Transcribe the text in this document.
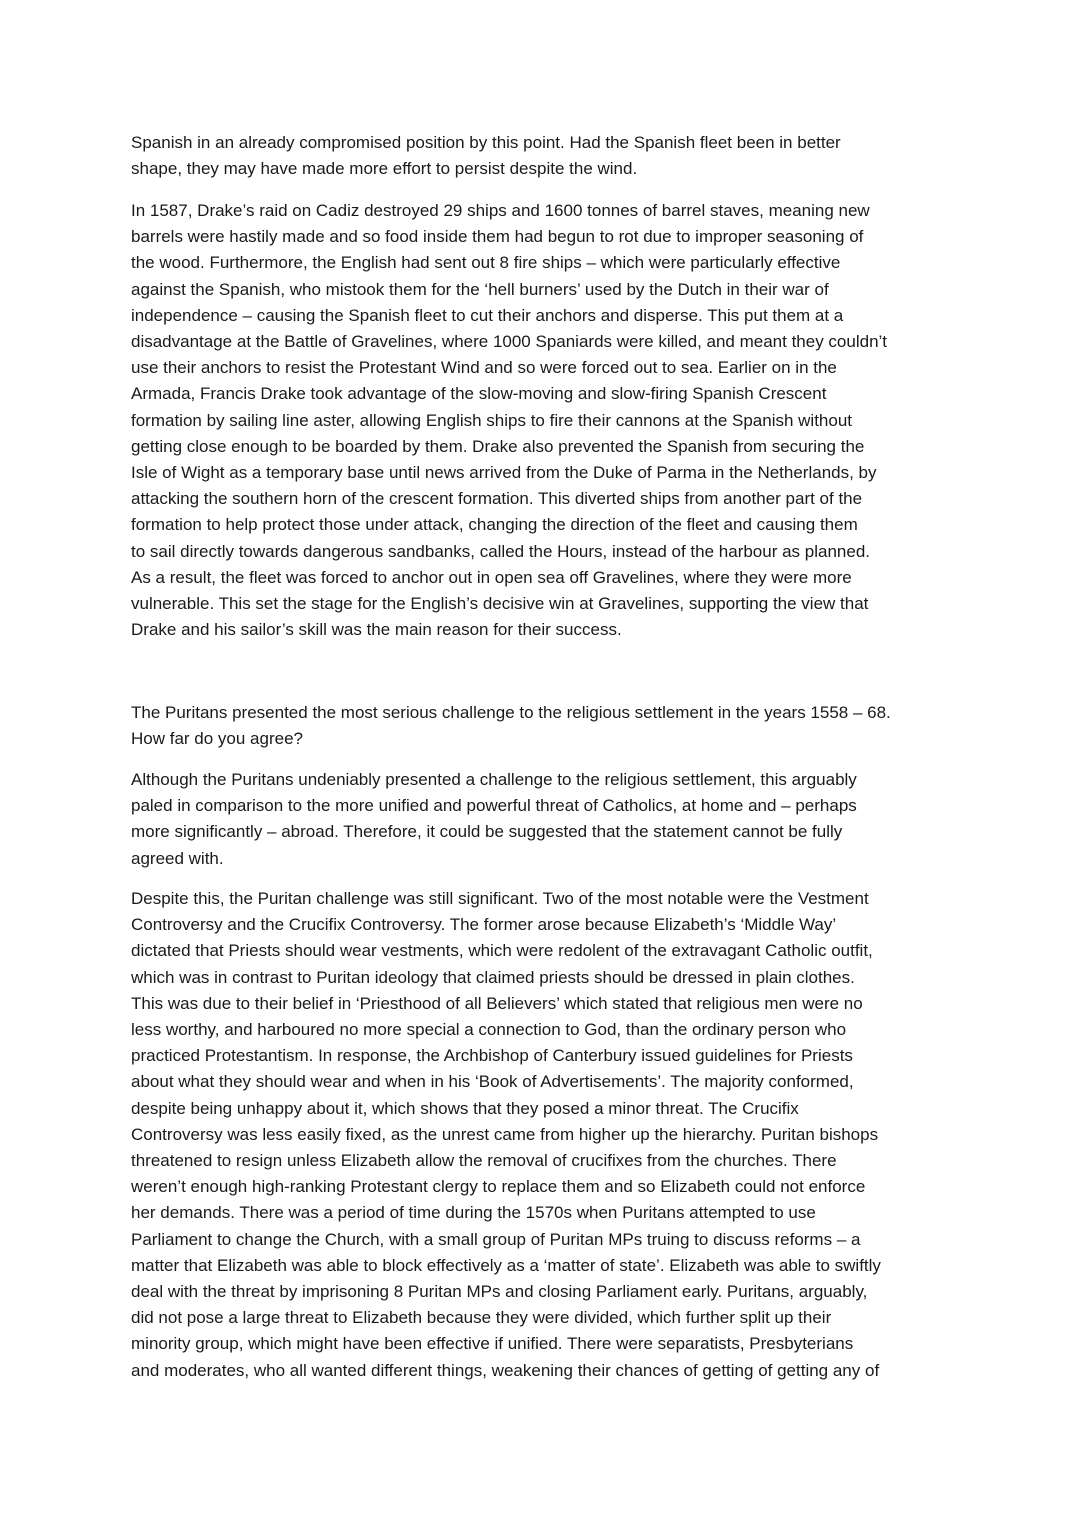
Spanish in an already compromised position by this point. Had the Spanish fleet been in better
shape, they may have made more effort to persist despite the wind.
In 1587, Drake’s raid on Cadiz destroyed 29 ships and 1600 tonnes of barrel staves, meaning new
barrels were hastily made and so food inside them had begun to rot due to improper seasoning of
the wood. Furthermore, the English had sent out 8 fire ships – which were particularly effective
against the Spanish, who mistook them for the ‘hell burners’ used by the Dutch in their war of
independence – causing the Spanish fleet to cut their anchors and disperse. This put them at a
disadvantage at the Battle of Gravelines, where 1000 Spaniards were killed, and meant they couldn’t
use their anchors to resist the Protestant Wind and so were forced out to sea. Earlier on in the
Armada, Francis Drake took advantage of the slow-moving and slow-firing Spanish Crescent
formation by sailing line aster, allowing English ships to fire their cannons at the Spanish without
getting close enough to be boarded by them. Drake also prevented the Spanish from securing the
Isle of Wight as a temporary base until news arrived from the Duke of Parma in the Netherlands, by
attacking the southern horn of the crescent formation. This diverted ships from another part of the
formation to help protect those under attack, changing the direction of the fleet and causing them
to sail directly towards dangerous sandbanks, called the Hours, instead of the harbour as planned.
As a result, the fleet was forced to anchor out in open sea off Gravelines, where they were more
vulnerable. This set the stage for the English’s decisive win at Gravelines, supporting the view that
Drake and his sailor’s skill was the main reason for their success.
The Puritans presented the most serious challenge to the religious settlement in the years 1558 – 68.
How far do you agree?
Although the Puritans undeniably presented a challenge to the religious settlement, this arguably
paled in comparison to the more unified and powerful threat of Catholics, at home and – perhaps
more significantly – abroad. Therefore, it could be suggested that the statement cannot be fully
agreed with.
Despite this, the Puritan challenge was still significant. Two of the most notable were the Vestment
Controversy and the Crucifix Controversy. The former arose because Elizabeth’s ‘Middle Way’
dictated that Priests should wear vestments, which were redolent of the extravagant Catholic outfit,
which was in contrast to Puritan ideology that claimed priests should be dressed in plain clothes.
This was due to their belief in ‘Priesthood of all Believers’ which stated that religious men were no
less worthy, and harboured no more special a connection to God, than the ordinary person who
practiced Protestantism. In response, the Archbishop of Canterbury issued guidelines for Priests
about what they should wear and when in his ‘Book of Advertisements’. The majority conformed,
despite being unhappy about it, which shows that they posed a minor threat. The Crucifix
Controversy was less easily fixed, as the unrest came from higher up the hierarchy. Puritan bishops
threatened to resign unless Elizabeth allow the removal of crucifixes from the churches. There
weren’t enough high-ranking Protestant clergy to replace them and so Elizabeth could not enforce
her demands. There was a period of time during the 1570s when Puritans attempted to use
Parliament to change the Church, with a small group of Puritan MPs truing to discuss reforms – a
matter that Elizabeth was able to block effectively as a ‘matter of state’. Elizabeth was able to swiftly
deal with the threat by imprisoning 8 Puritan MPs and closing Parliament early. Puritans, arguably,
did not pose a large threat to Elizabeth because they were divided, which further split up their
minority group, which might have been effective if unified. There were separatists, Presbyterians
and moderates, who all wanted different things, weakening their chances of getting of getting any of
